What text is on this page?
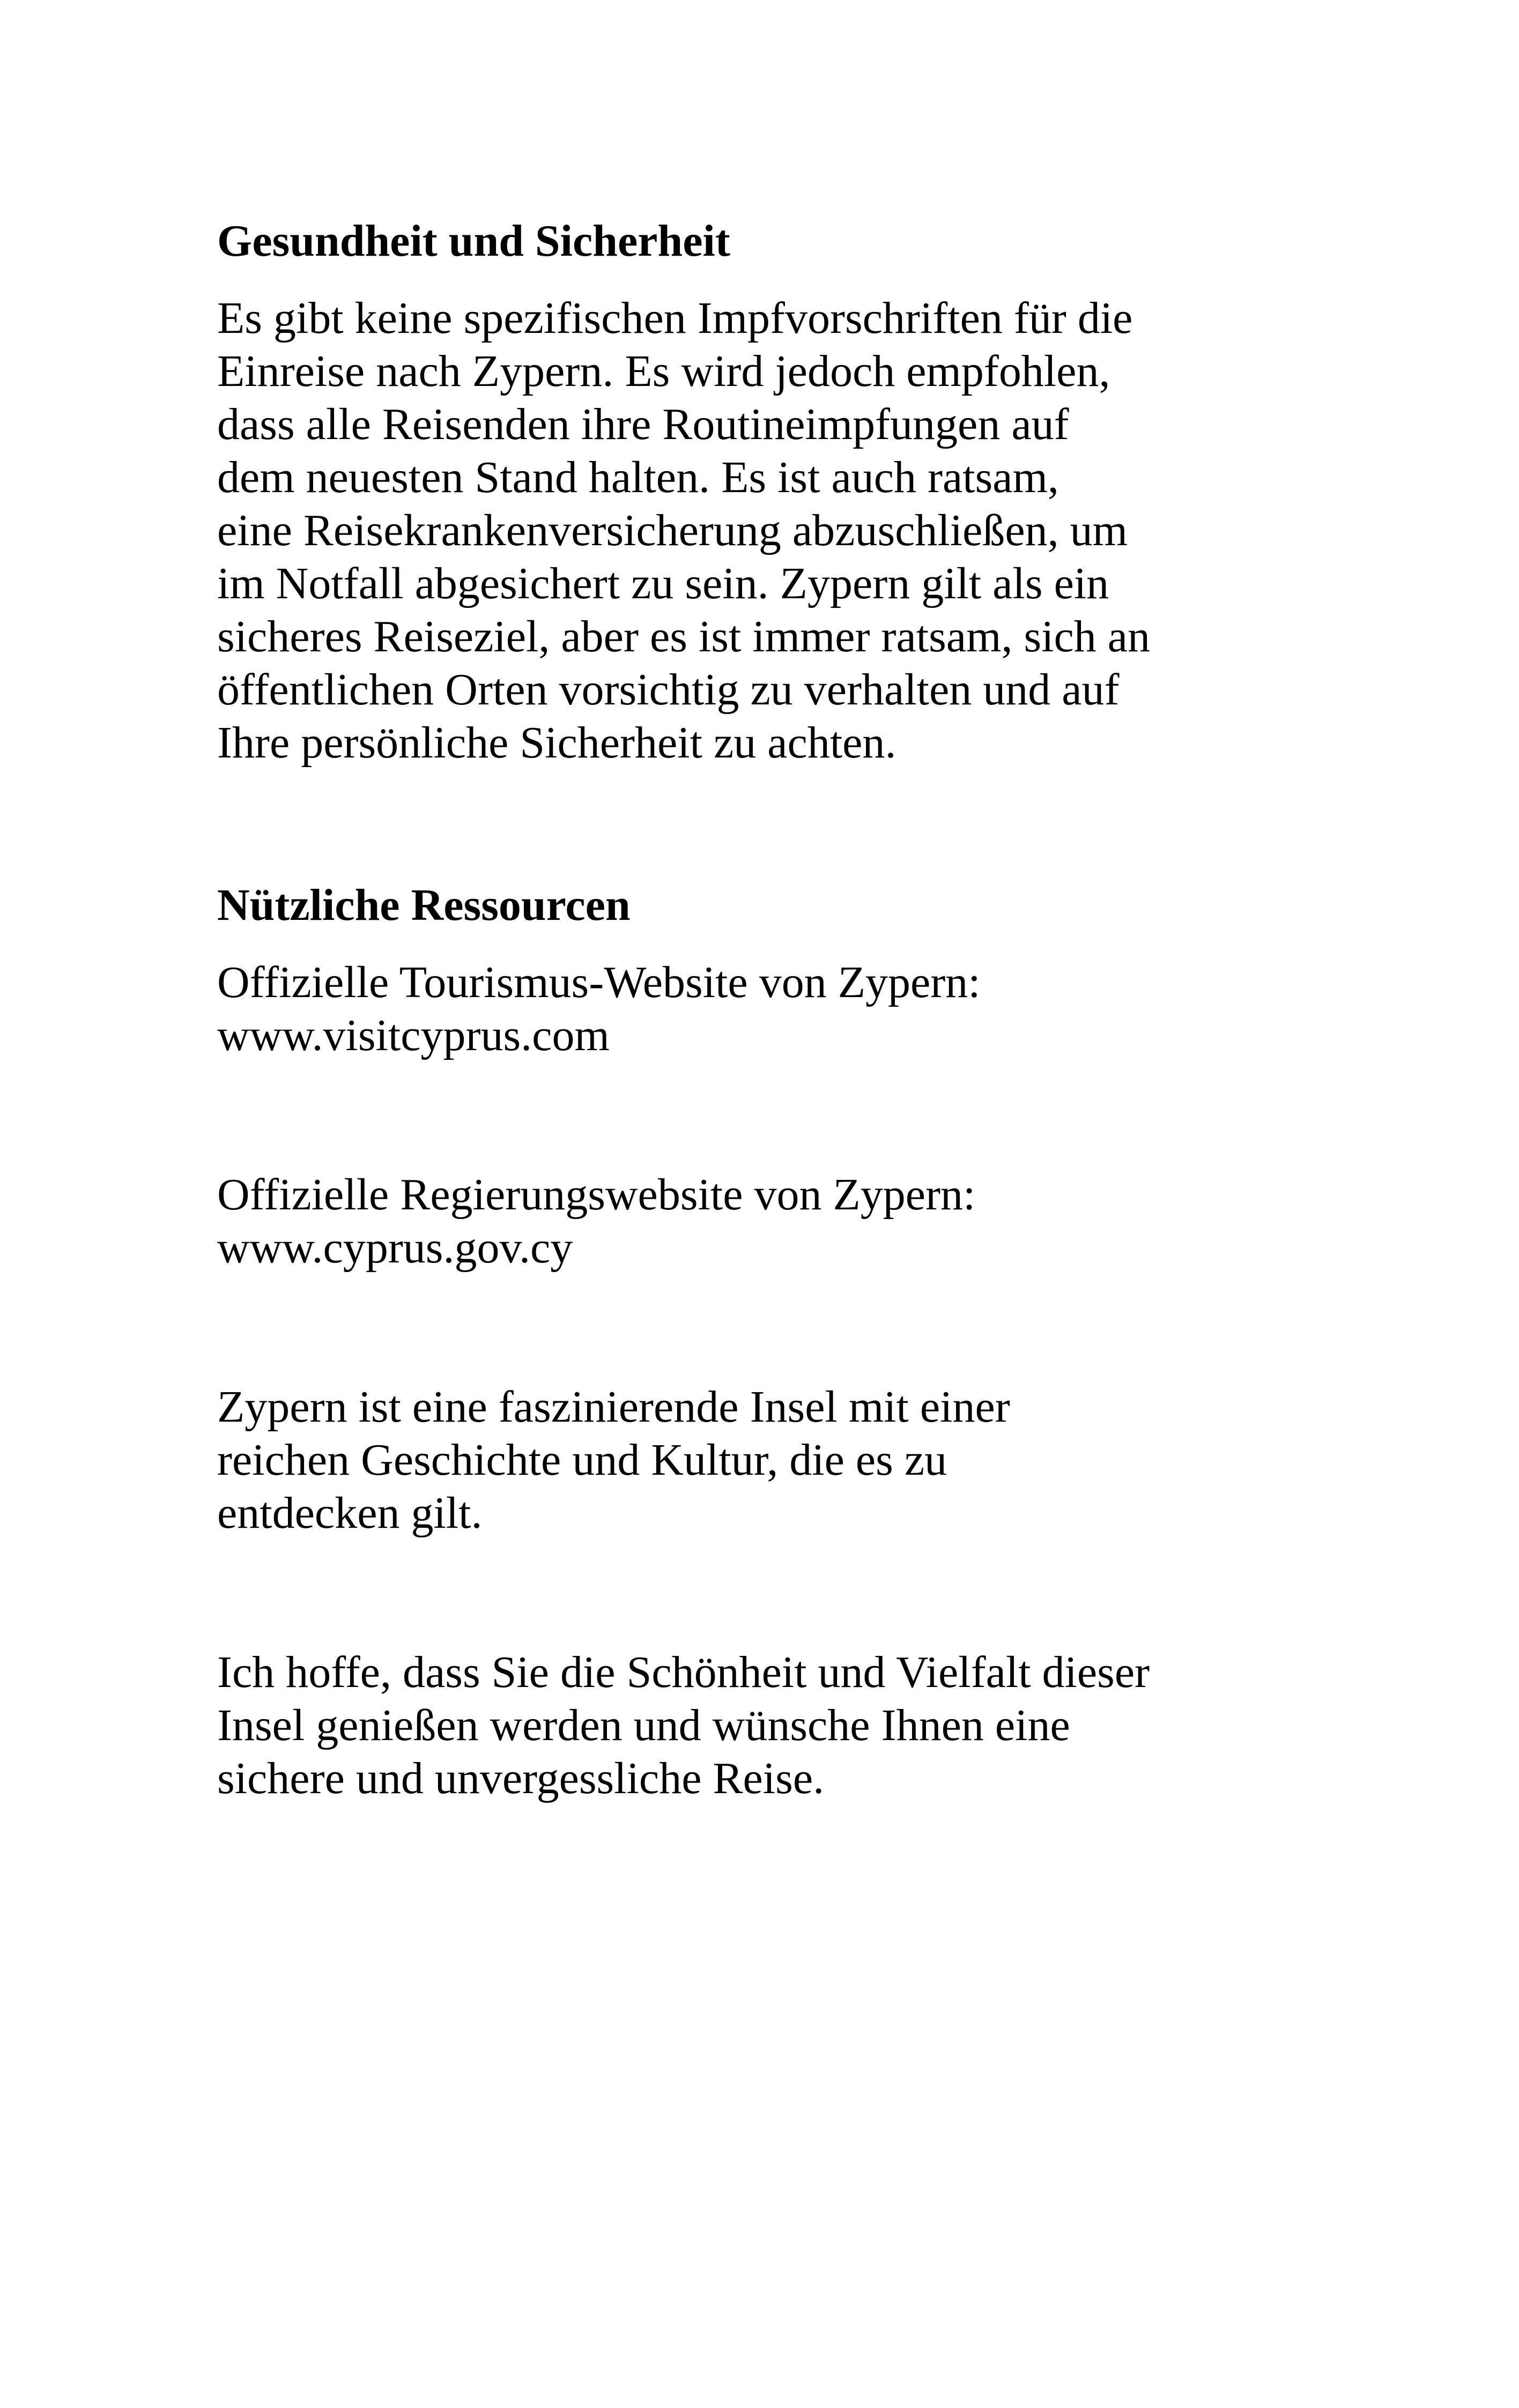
Gesundheit und Sicherheit

Es gibt keine spezifischen Impfvorschriften für die
Einreise nach Zypern. Es wird jedoch empfohlen,
dass alle Reisenden ihre Routineimpfungen auf
dem neuesten Stand halten. Es ist auch ratsam,
eine Reisekrankenversicherung abzuschließen, um
im Notfall abgesichert zu sein. Zypern gilt als ein
sicheres Reiseziel, aber es ist immer ratsam, sich an
öffentlichen Orten vorsichtig zu verhalten und auf
Ihre persönliche Sicherheit zu achten.

Nützliche Ressourcen

Offizielle Tourismus-Website von Zypern:
www.visitcyprus.com

Offizielle Regierungswebsite von Zypern:
www.cyprus.gov.cy

Zypern ist eine faszinierende Insel mit einer
reichen Geschichte und Kultur, die es zu
entdecken gilt.

Ich hoffe, dass Sie die Schönheit und Vielfalt dieser
Insel genießen werden und wünsche Ihnen eine
sichere und unvergessliche Reise.
